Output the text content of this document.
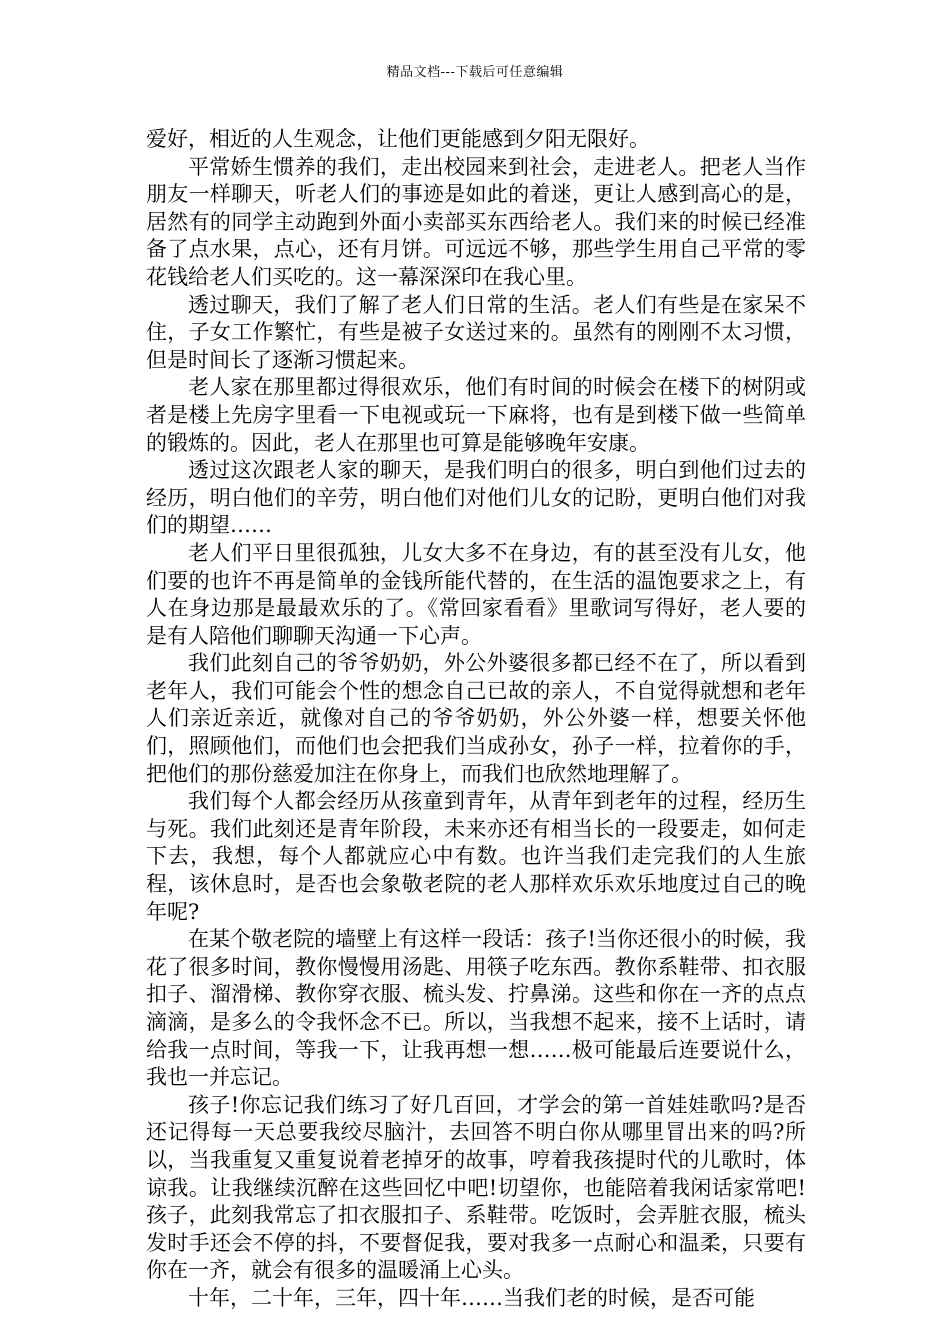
精品文档---下载后可任意编辑

爱好，相近的人生观念，让他们更能感到夕阳无限好。

平常娇生惯养的我们，走出校园来到社会，走进老人。把老人当作朋友一样聊天，听老人们的事迹是如此的着迷，更让人感到高心的是，居然有的同学主动跑到外面小卖部买东西给老人。我们来的时候已经准备了点水果，点心，还有月饼。可远远不够，那些学生用自己平常的零花钱给老人们买吃的。这一幕深深印在我心里。

透过聊天，我们了解了老人们日常的生活。老人们有些是在家呆不住，子女工作繁忙，有些是被子女送过来的。虽然有的刚刚不太习惯，但是时间长了逐渐习惯起来。

老人家在那里都过得很欢乐，他们有时间的时候会在楼下的树阴或者是楼上先房字里看一下电视或玩一下麻将，也有是到楼下做一些简单的锻炼的。因此，老人在那里也可算是能够晚年安康。

透过这次跟老人家的聊天，是我们明白的很多，明白到他们过去的经历，明白他们的辛劳，明白他们对他们儿女的记盼，更明白他们对我们的期望……

老人们平日里很孤独，儿女大多不在身边，有的甚至没有儿女，他们要的也许不再是简单的金钱所能代替的，在生活的温饱要求之上，有人在身边那是最最欢乐的了。《常回家看看》里歌词写得好，老人要的是有人陪他们聊聊天沟通一下心声。

我们此刻自己的爷爷奶奶，外公外婆很多都已经不在了，所以看到老年人，我们可能会个性的想念自己已故的亲人，不自觉得就想和老年人们亲近亲近，就像对自己的爷爷奶奶，外公外婆一样，想要关怀他们，照顾他们，而他们也会把我们当成孙女，孙子一样，拉着你的手，把他们的那份慈爱加注在你身上，而我们也欣然地理解了。

我们每个人都会经历从孩童到青年，从青年到老年的过程，经历生与死。我们此刻还是青年阶段，未来亦还有相当长的一段要走，如何走下去，我想，每个人都就应心中有数。也许当我们走完我们的人生旅程，该休息时，是否也会象敬老院的老人那样欢乐欢乐地度过自己的晚年呢?

在某个敬老院的墙壁上有这样一段话：孩子!当你还很小的时候，我花了很多时间，教你慢慢用汤匙、用筷子吃东西。教你系鞋带、扣衣服扣子、溜滑梯、教你穿衣服、梳头发、拧鼻涕。这些和你在一齐的点点滴滴，是多么的令我怀念不已。所以，当我想不起来，接不上话时，请给我一点时间，等我一下，让我再想一想……极可能最后连要说什么，我也一并忘记。

孩子!你忘记我们练习了好几百回，才学会的第一首娃娃歌吗?是否还记得每一天总要我绞尽脑汁，去回答不明白你从哪里冒出来的吗?所以，当我重复又重复说着老掉牙的故事，哼着我孩提时代的儿歌时，体谅我。让我继续沉醉在这些回忆中吧!切望你，也能陪着我闲话家常吧!孩子，此刻我常忘了扣衣服扣子、系鞋带。吃饭时，会弄脏衣服，梳头发时手还会不停的抖，不要督促我，要对我多一点耐心和温柔，只要有你在一齐，就会有很多的温暖涌上心头。

十年，二十年，三年，四十年……当我们老的时候，是否可能
